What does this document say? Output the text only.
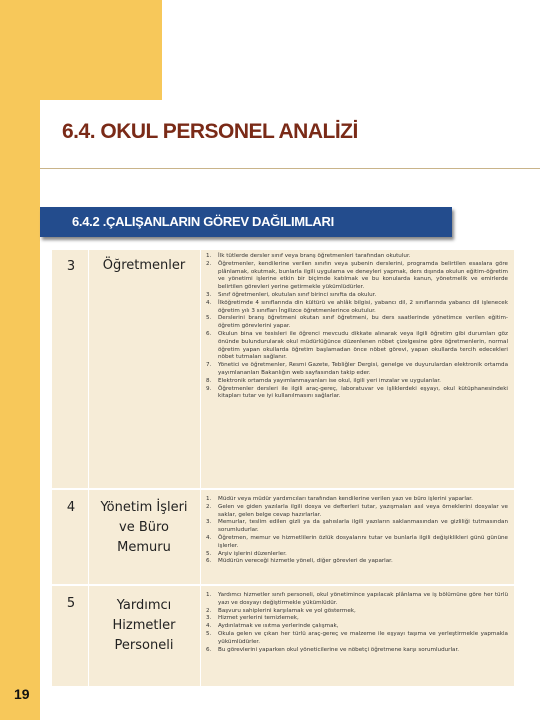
6.4. OKUL PERSONEL ANALİZİ
6.4.2 .ÇALIŞANLARIN GÖREV DAĞILIMLARI
3	Öğretmenler
1.	İlk tütlerde dersler sınıf veya branş öğretmenleri tarafından okutulur.
2.	Öğretmenler, kendilerine verilen sınıfın veya şubenin derslerini, programda belirtilen esaslara göre plânlamak, okutmak, bunlarla ilgili uygulama ve deneyleri yapmak, ders dışında okulun eğitim-öğretim ve yönetimi işlerine etkin bir biçimde katılmak ve bu konularda kanun, yönetmelik ve emirlerde belirtilen görevleri yerine getirmekle yükümlüdürler.
3.	Sınıf öğretmenleri, okutulan sınıf birinci sınıfta da okulur.
4.	İlköğretimde 4 sınıflarında din kültürü ve ahlâk bilgisi, yabancı dil, 2 sınıflarında yabancı dil işlenecek öğretim yılı 3 sınıfları İngilizce öğretmenlerince okutulur.
5.	Derslerini branş öğretmeni okutan sınıf öğretmeni, bu ders saatlerinde yönetimce verilen eğitim-öğretim görevlerini yapar.
6.	Okulun bina ve tesisleri ile öğrenci mevcudu dikkate alınarak veya ilgili öğretim gibi durumları göz önünde bulundurularak okul müdürlüğünce düzenlenen nöbet çizelgesine göre öğretmenlerin, normal öğretim yapan okullarda öğretim başlamadan önce nöbet görevi, yapan okullarda tercih edecekleri nöbet tutmaları sağlanır.
7.	Yönetici ve öğretmenler, Resmi Gazete, Tebliğler Dergisi, genelge ve duyurulardan elektronik ortamda yayımlananları Bakanlığın web sayfasından takip eder.
8.	Elektronik ortamda yayımlanmayanları ise okul, ilgili yeri imzalar ve uygulanlar.
9.	Öğretmenler dersleri ile ilgili araç-gereç, laboratuvar ve işliklerdeki eşyayı, okul kütüphanesindeki kitapları tutar ve iyi kullanılmasını sağlarlar.
4	Yönetim İşleri ve Büro Memuru
1.	Müdür veya müdür yardımcıları tarafından kendilerine verilen yazı ve büro işlerini yaparlar.
2.	Gelen ve giden yazılarla ilgili dosya ve defterleri tutar, yazışmaları asıl veya örneklerini dosyalar ve saklar, gelen belge cevap hazırlarlar.
3.	Memurlar, teslim edilen gizli ya da şahıslarla ilgili yazıların saklanmasından ve gizliliği tutmasından sorumludurlar.
4.	Öğretmen, memur ve hizmetlilerin özlük dosyalarını tutar ve bunlarla ilgili değişiklikleri günü gününe işlerler.
5.	Arşiv işlerini düzenlerler.
6.	Müdürün vereceği hizmetle yöneli, diğer görevleri de yaparlar.
5	Yardımcı Hizmetler Personeli
1.	Yardımcı hizmetler sınıfı personeli, okul yönetimince yapılacak plânlama ve iş bölümüne göre her türlü yazı ve dosyayı değiştirmekle yükümlüdür.
2.	Başvuru sahiplerini karşılamak ve yol göstermek,
3.	Hizmet yerlerini temizlemek,
4.	Aydınlatmak ve ısıtma yerlerinde çalışmak,
5.	Okula gelen ve çıkan her türlü araç-gereç ve malzeme ile eşyayı taşıma ve yerleştirmekle yapmakla yükümlüdürler.
6.	Bu görevlerini yaparken okul yöneticilerine ve nöbetçi öğretmene karşı sorumludurlar.
19
